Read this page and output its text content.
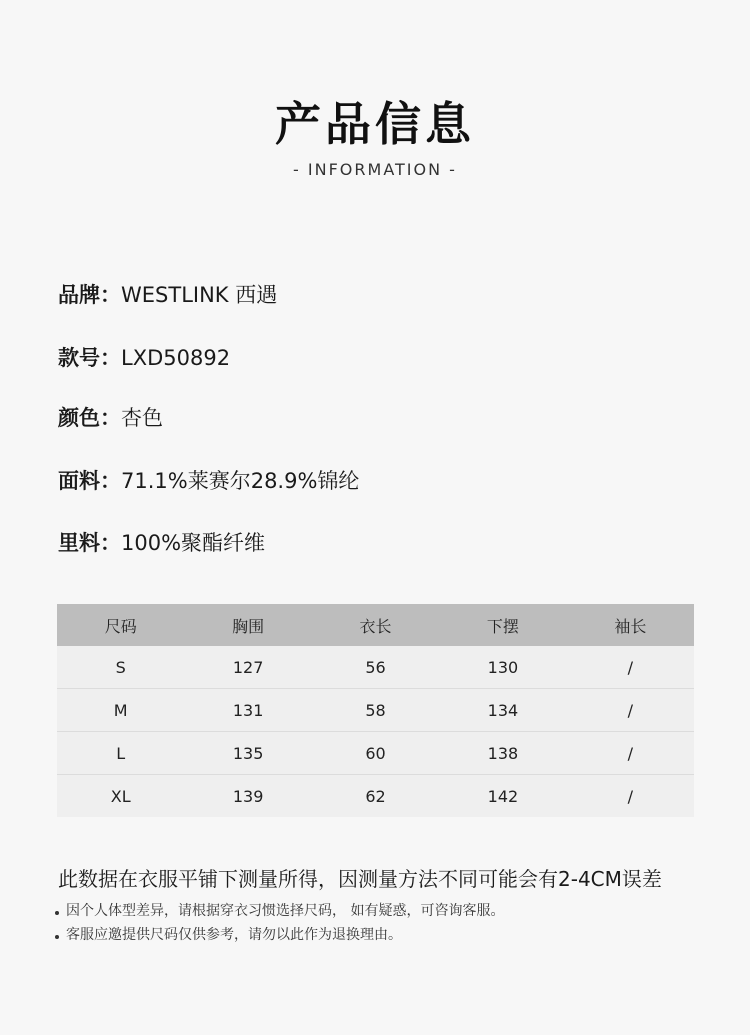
产品信息
- INFORMATION -
品牌：WESTLINK 西遇
款号：LXD50892
颜色：杏色
面料：71.1%莱赛尔28.9%锦纶
里料：100%聚酯纤维
尺码	胸围	衣长	下摆	袖长
S	127	56	130	/
M	131	58	134	/
L	135	60	138	/
XL	139	62	142	/
此数据在衣服平铺下测量所得，因测量方法不同可能会有2-4CM误差
因个人体型差异，请根据穿衣习惯选择尺码， 如有疑惑，可咨询客服。
客服应邀提供尺码仅供参考，请勿以此作为退换理由。
